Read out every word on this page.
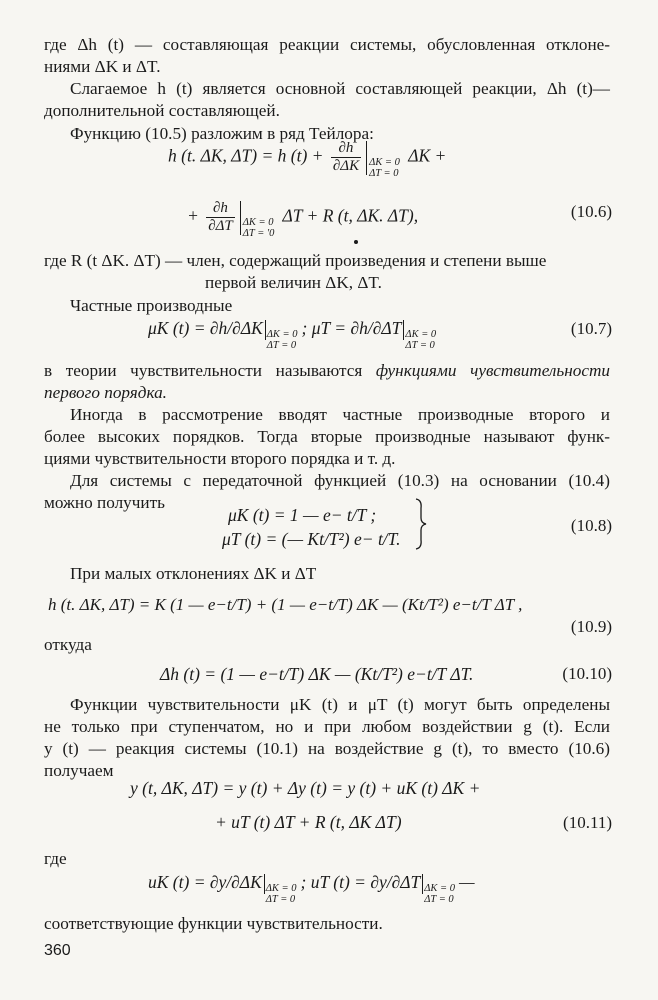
где Δh (t) — составляющая реакции системы, обусловленная отклоне-
ниями ΔK и ΔT.
Слагаемое h (t) является основной составляющей реакции, Δh (t)—
дополнительной составляющей.
Функцию (10.5) разложим в ряд Тейлора:
h (t. ΔK, ΔT) = h $(t) + \frac{\partial h}{\partial\Delta K}$ ΔK = 0
ΔT = 0
ΔK +
+ $\frac{\partial h}{\partial\Delta T}$ ΔK = 0
ΔT = '0
ΔT + R (t, ΔK. ΔT),	(10.6)
где R (t ΔK. ΔT) — член, содержащий произведения и степени выше
первой величин ΔK, ΔT.
Частные производные
μK (t) = ∂h/∂ΔK ΔK = 0
ΔT = 0
; μT = ∂h/∂ΔT ΔK = 0
ΔT = 0
(10.7)
в теории чувствительности называются функциями чувствительности
первого порядка.
Иногда в рассмотрение вводят частные производные второго и
более высоких порядков. Тогда вторые производные называют функ-
циями чувствительности второго порядка и т. д.
Для системы с передаточной функцией (10.3) на основании (10.4)
можно получить
μK (t) = 1 — e− t/T ;
μT (t) = (— Kt/T²) e− t/T.
(10.8)
При малых отклонениях ΔK и ΔT
h (t. ΔK, ΔT) = K (1 — e−t/T) + (1 — e−t/T) ΔK — (Kt/T²) e−t/T ΔT ,
(10.9)
откуда
Δh (t) = (1 — e−t/T) ΔK — (Kt/T²) e−t/T ΔT.	(10.10)
Функции чувствительности μK (t) и μT (t) могут быть определены
не только при ступенчатом, но и при любом воздействии g (t). Если
y (t) — реакция системы (10.1) на воздействие g (t), то вместо (10.6)
получаем
y (t, ΔK, ΔT) = y (t) + Δy (t) = y (t) + uK (t) ΔK +
+ uT (t) ΔT + R (t, ΔK ΔT)	(10.11)
где
uK (t) = ∂y/∂ΔK ΔK = 0
ΔT = 0
; uT (t) = ∂y/∂ΔT ΔK = 0
ΔT = 0
—
соответствующие функции чувствительности.
360
